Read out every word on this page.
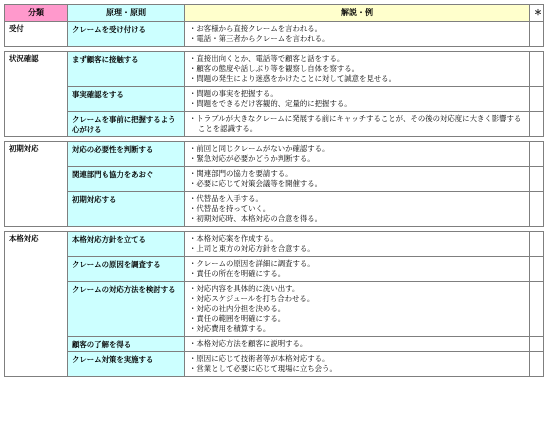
分類	原理・原則	解説・例	＊
受付	クレームを受け付ける	・ お客様から直接クレームを言われる。
・ 電話・第三者からクレームを言われる。

状況確認	まず顧客に接触する	・ 直接出向くとか、電話等で顧客と話をする。
・ 顧客の態度や話しぶり等を観察し自体を察する。
・ 問題の発生により迷惑をかけたことに対して誠意を見せる。

	事実確認をする	・ 問題の事実を把握する。
・ 問題をできるだけ客観的、定量的に把握する。

	クレームを事前に把握するよう心がける	・ トラブルが大きなクレームに発展する前にキャッチすることが、その後の対応度に大きく影響することを認識する。

初期対応	対応の必要性を判断する	・ 前回と同じクレームがないか確認する。
・ 緊急対応が必要かどうか判断する。

	関連部門も協力をあおぐ	・ 関連部門の協力を要請する。
・ 必要に応じて対策会議等を開催する。

	初期対応する	・ 代替品を入手する。
・ 代替品を持っていく。
・ 初期対応時、本格対応の合意を得る。

本格対応	本格対応方針を立てる	・ 本格対応案を作成する。
・ 上司と東方の対応方針を合意する。

	クレームの原因を調査する	・ クレームの原因を詳細に調査する。
・ 責任の所在を明確にする。

	クレームの対応方法を検討する	・ 対応内容を具体的に洗い出す。
・ 対応スケジュールを打ち合わせる。
・ 対応の社内分担を決める。
・ 責任の範囲を明確にする。
・ 対応費用を積算する。

	顧客の了解を得る	・ 本格対応方法を顧客に説明する。

	クレーム対策を実施する	・ 原因に応じて技術者等が本格対応する。
・ 営業として必要に応じて現場に立ち会う。
